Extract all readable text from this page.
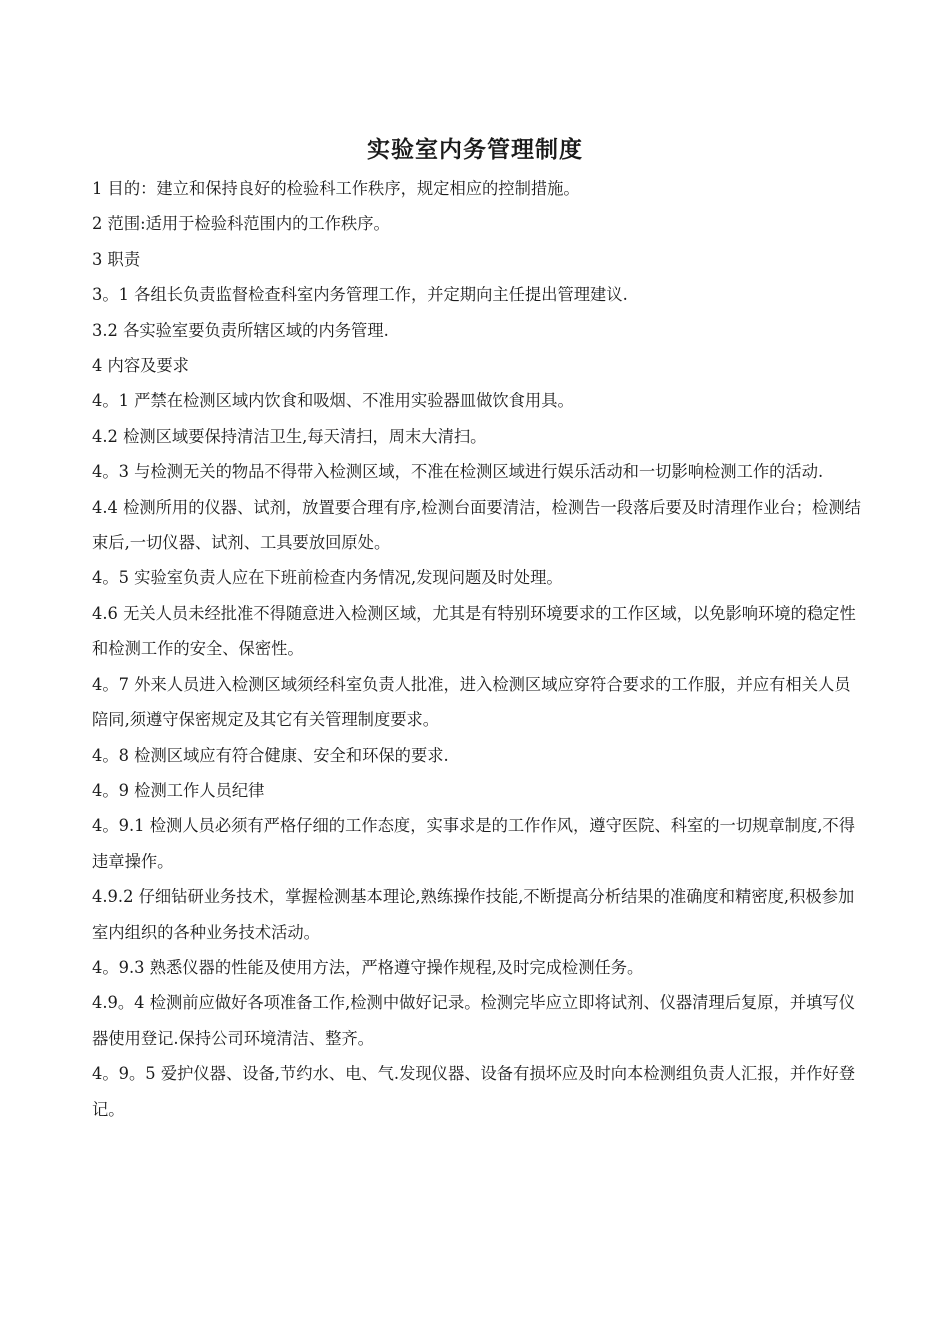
实验室内务管理制度

1 目的：建立和保持良好的检验科工作秩序，规定相应的控制措施。

2 范围:适用于检验科范围内的工作秩序。

3 职责

3。1 各组长负责监督检查科室内务管理工作，并定期向主任提出管理建议.

3.2 各实验室要负责所辖区域的内务管理.

4 内容及要求

4。1 严禁在检测区域内饮食和吸烟、不准用实验器皿做饮食用具。

4.2 检测区域要保持清洁卫生,每天清扫，周末大清扫。

4。3 与检测无关的物品不得带入检测区域，不准在检测区域进行娱乐活动和一切影响检测工作的活动.

4.4 检测所用的仪器、试剂，放置要合理有序,检测台面要清洁，检测告一段落后要及时清理作业台；检测结束后,一切仪器、试剂、工具要放回原处。

4。5 实验室负责人应在下班前检查内务情况,发现问题及时处理。

4.6 无关人员未经批准不得随意进入检测区域，尤其是有特别环境要求的工作区域，以免影响环境的稳定性和检测工作的安全、保密性。

4。7 外来人员进入检测区域须经科室负责人批准，进入检测区域应穿符合要求的工作服，并应有相关人员陪同,须遵守保密规定及其它有关管理制度要求。

4。8 检测区域应有符合健康、安全和环保的要求.

4。9 检测工作人员纪律

4。9.1 检测人员必须有严格仔细的工作态度，实事求是的工作作风，遵守医院、科室的一切规章制度,不得违章操作。

4.9.2 仔细钻研业务技术，掌握检测基本理论,熟练操作技能,不断提高分析结果的准确度和精密度,积极参加室内组织的各种业务技术活动。

4。9.3 熟悉仪器的性能及使用方法，严格遵守操作规程,及时完成检测任务。

4.9。4 检测前应做好各项准备工作,检测中做好记录。检测完毕应立即将试剂、仪器清理后复原，并填写仪器使用登记.保持公司环境清洁、整齐。

4。9。5 爱护仪器、设备,节约水、电、气.发现仪器、设备有损坏应及时向本检测组负责人汇报，并作好登记。
